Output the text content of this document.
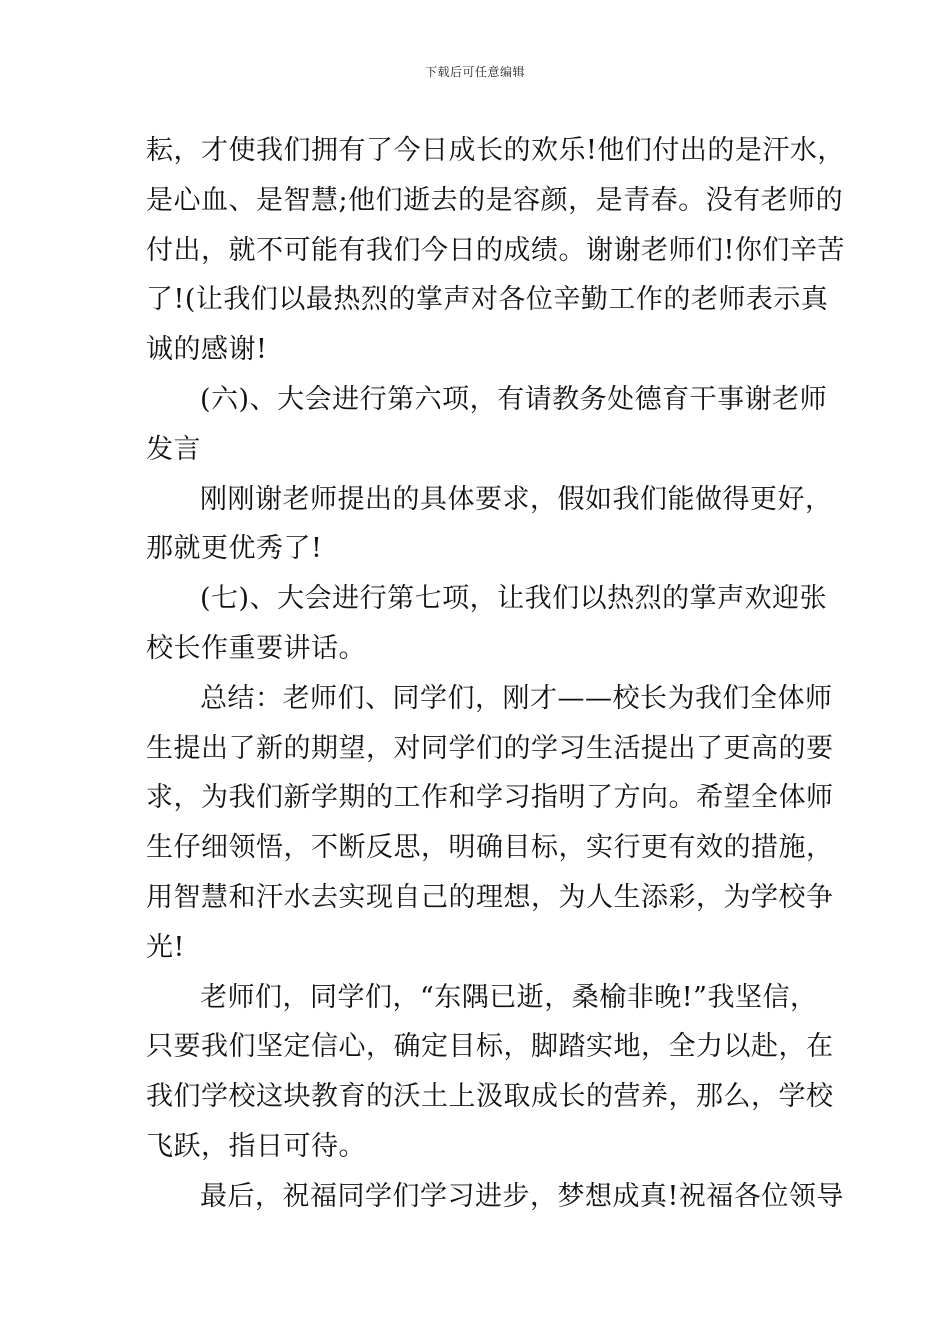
下载后可任意编辑
耘，才使我们拥有了今日成长的欢乐!他们付出的是汗水，
是心血、是智慧;他们逝去的是容颜，是青春。没有老师的
付出，就不可能有我们今日的成绩。谢谢老师们!你们辛苦
了!(让我们以最热烈的掌声对各位辛勤工作的老师表示真
诚的感谢!
(六)、大会进行第六项，有请教务处德育干事谢老师
发言
刚刚谢老师提出的具体要求，假如我们能做得更好，
那就更优秀了!
(七)、大会进行第七项，让我们以热烈的掌声欢迎张
校长作重要讲话。
总结：老师们、同学们，刚才——校长为我们全体师
生提出了新的期望，对同学们的学习生活提出了更高的要
求，为我们新学期的工作和学习指明了方向。希望全体师
生仔细领悟，不断反思，明确目标，实行更有效的措施，
用智慧和汗水去实现自己的理想，为人生添彩，为学校争
光!
老师们，同学们，“东隅已逝，桑榆非晚!”我坚信，
只要我们坚定信心，确定目标，脚踏实地，全力以赴，在
我们学校这块教育的沃土上汲取成长的营养，那么，学校
飞跃，指日可待。
最后，祝福同学们学习进步，梦想成真!祝福各位领导
